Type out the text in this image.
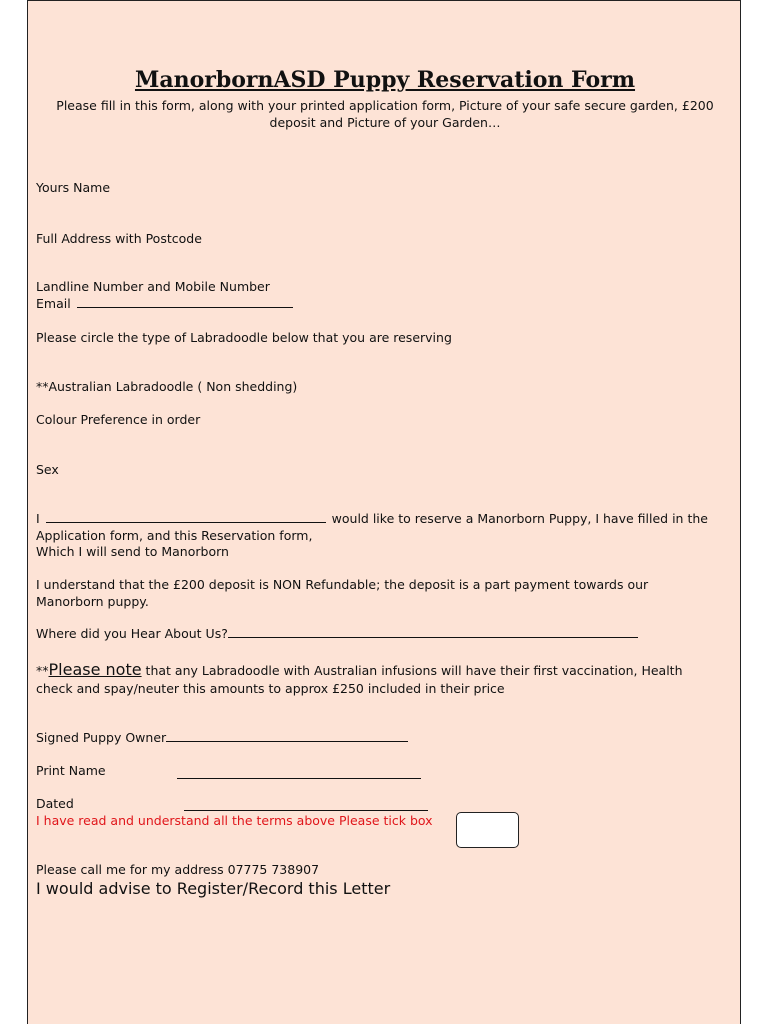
ManorbornASD Puppy Reservation Form
Please fill in this form, along with your printed application form, Picture of your safe secure garden, £200 deposit and Picture of your Garden…
Yours Name
Full Address with Postcode
Landline Number and Mobile Number
Email
Please circle the type of Labradoodle below that you are reserving
**Australian Labradoodle ( Non shedding)
Colour Preference in order
Sex
I	would like to reserve a Manorborn Puppy, I have filled in the
Application form, and this Reservation form,
Which I will send to Manorborn
I understand that the £200 deposit is NON Refundable; the deposit is a part payment towards our
Manorborn puppy.
Where did you Hear About Us?
**Please note that any Labradoodle with Australian infusions will have their first vaccination, Health
check and spay/neuter this amounts to approx £250 included in their price
Signed Puppy Owner
Print Name
Dated
I have read and understand all the terms above Please tick box
Please call me for my address 07775 738907
I would advise to Register/Record this Letter
